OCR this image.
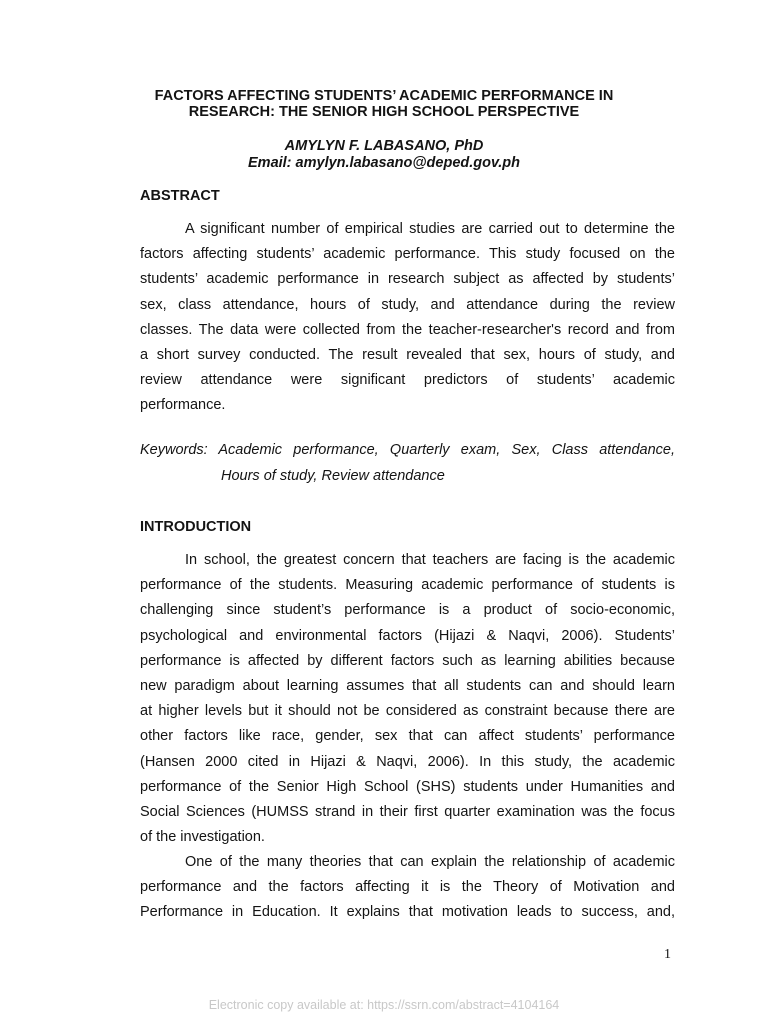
FACTORS AFFECTING STUDENTS’ ACADEMIC PERFORMANCE IN
RESEARCH: THE SENIOR HIGH SCHOOL PERSPECTIVE
AMYLYN F. LABASANO, PhD
Email: amylyn.labasano@deped.gov.ph
ABSTRACT
A significant number of empirical studies are carried out to determine the
factors affecting students’ academic performance. This study focused on the
students’ academic performance in research subject as affected by students’
sex, class attendance, hours of study, and attendance during the review
classes. The data were collected from the teacher-researcher's record and from
a short survey conducted. The result revealed that sex, hours of study, and
review attendance were significant predictors of students’ academic
performance.
Keywords: Academic performance, Quarterly exam, Sex, Class attendance,
Hours of study, Review attendance
INTRODUCTION
In school, the greatest concern that teachers are facing is the academic
performance of the students. Measuring academic performance of students is
challenging since student’s performance is a product of socio-economic,
psychological and environmental factors (Hijazi & Naqvi, 2006). Students’
performance is affected by different factors such as learning abilities because
new paradigm about learning assumes that all students can and should learn
at higher levels but it should not be considered as constraint because there are
other factors like race, gender, sex that can affect students’ performance
(Hansen 2000 cited in Hijazi & Naqvi, 2006). In this study, the academic
performance of the Senior High School (SHS) students under Humanities and
Social Sciences (HUMSS strand in their first quarter examination was the focus
of the investigation.
One of the many theories that can explain the relationship of academic
performance and the factors affecting it is the Theory of Motivation and
Performance in Education. It explains that motivation leads to success, and,
1
Electronic copy available at: https://ssrn.com/abstract=4104164
